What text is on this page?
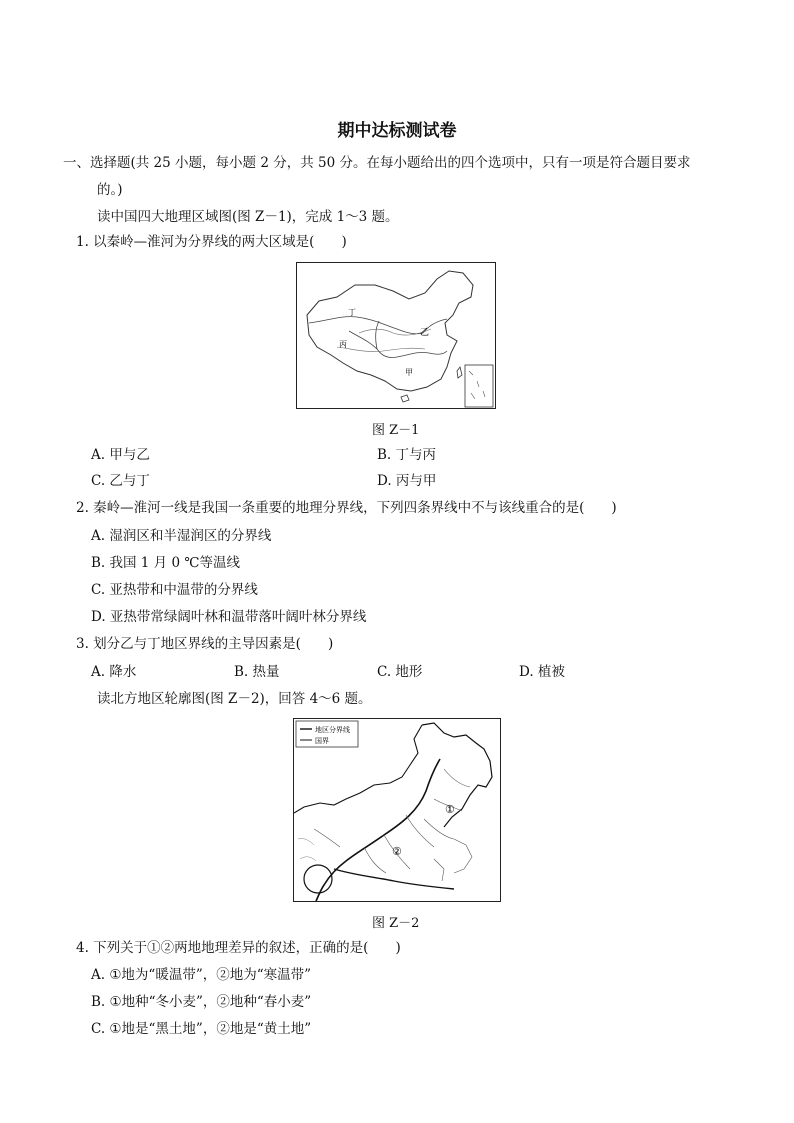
期中达标测试卷
一、选择题(共 25 小题，每小题 2 分，共 50 分。在每小题给出的四个选项中，只有一项是符合题目要求
的。)
读中国四大地理区域图(图 Z－1)，完成 1～3 题。
1. 以秦岭—淮河为分界线的两大区域是(　　)
丁
乙
丙
甲
图 Z－1
A. 甲与乙	B. 丁与丙
C. 乙与丁	D. 丙与甲
2. 秦岭—淮河一线是我国一条重要的地理分界线，下列四条界线中不与该线重合的是(　　)
A. 湿润区和半湿润区的分界线
B. 我国 1 月 0 ℃等温线
C. 亚热带和中温带的分界线
D. 亚热带常绿阔叶林和温带落叶阔叶林分界线
3. 划分乙与丁地区界线的主导因素是(　　)
A. 降水	B. 热量	C. 地形	D. 植被
读北方地区轮廓图(图 Z－2)，回答 4～6 题。
地区分界线
国界
①
②
图 Z－2
4. 下列关于①②两地地理差异的叙述，正确的是(　　)
A. ①地为“暖温带”，②地为“寒温带”
B. ①地种“冬小麦”，②地种“春小麦”
C. ①地是“黑土地”，②地是“黄土地”
